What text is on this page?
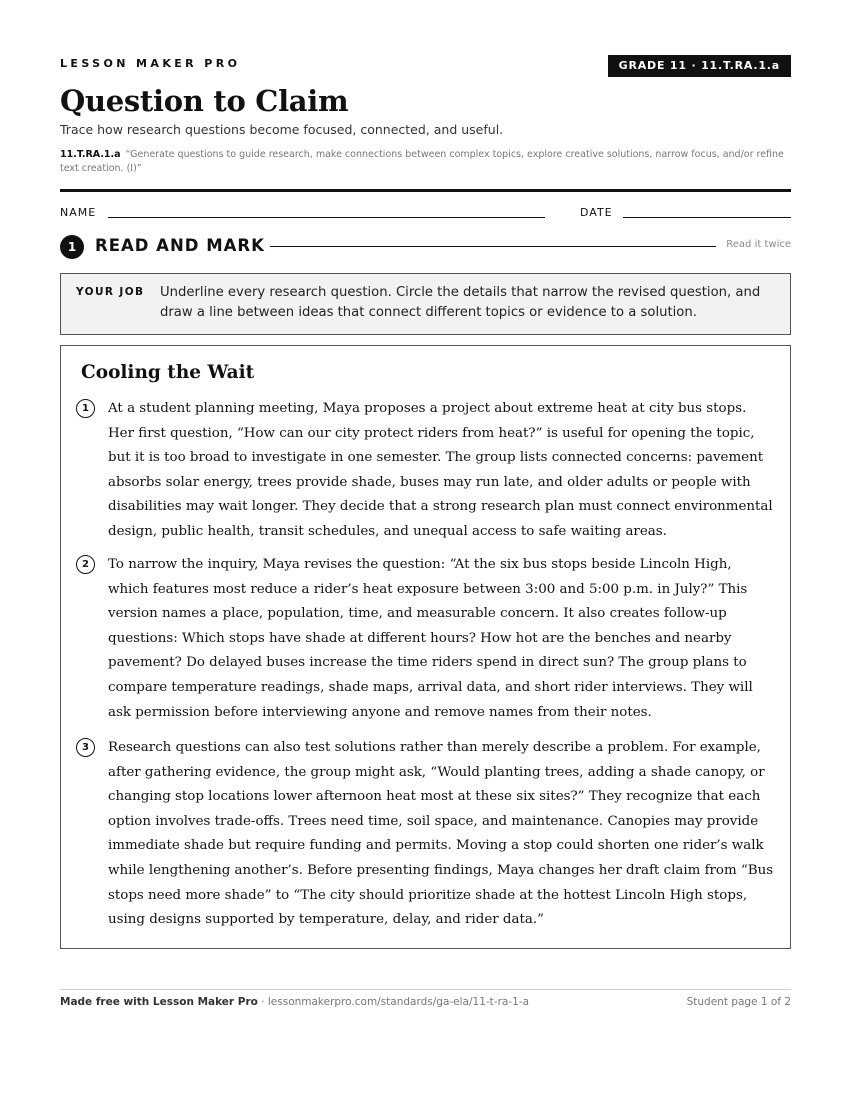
LESSON MAKER PRO	GRADE 11 · 11.T.RA.1.a
Question to Claim
Trace how research questions become focused, connected, and useful.
11.T.RA.1.a “Generate questions to guide research, make connections between complex topics, explore creative solutions, narrow focus, and/or refine text creation. (I)”
NAME	DATE
1	READ AND MARK	Read it twice
YOUR JOB Underline every research question. Circle the details that narrow the revised question, and draw a line between ideas that connect different topics or evidence to a solution.
Cooling the Wait
1	At a student planning meeting, Maya proposes a project about extreme heat at city bus stops. Her first question, “How can our city protect riders from heat?” is useful for opening the topic, but it is too broad to investigate in one semester. The group lists connected concerns: pavement absorbs solar energy, trees provide shade, buses may run late, and older adults or people with disabilities may wait longer. They decide that a strong research plan must connect environmental design, public health, transit schedules, and unequal access to safe waiting areas.
2	To narrow the inquiry, Maya revises the question: “At the six bus stops beside Lincoln High, which features most reduce a rider’s heat exposure between 3:00 and 5:00 p.m. in July?” This version names a place, population, time, and measurable concern. It also creates follow-up questions: Which stops have shade at different hours? How hot are the benches and nearby pavement? Do delayed buses increase the time riders spend in direct sun? The group plans to compare temperature readings, shade maps, arrival data, and short rider interviews. They will ask permission before interviewing anyone and remove names from their notes.
3	Research questions can also test solutions rather than merely describe a problem. For example, after gathering evidence, the group might ask, “Would planting trees, adding a shade canopy, or changing stop locations lower afternoon heat most at these six sites?” They recognize that each option involves trade-offs. Trees need time, soil space, and maintenance. Canopies may provide immediate shade but require funding and permits. Moving a stop could shorten one rider’s walk while lengthening another’s. Before presenting findings, Maya changes her draft claim from “Bus stops need more shade” to “The city should prioritize shade at the hottest Lincoln High stops, using designs supported by temperature, delay, and rider data.”
Made free with Lesson Maker Pro · lessonmakerpro.com/standards/ga-ela/11-t-ra-1-a	Student page 1 of 2
